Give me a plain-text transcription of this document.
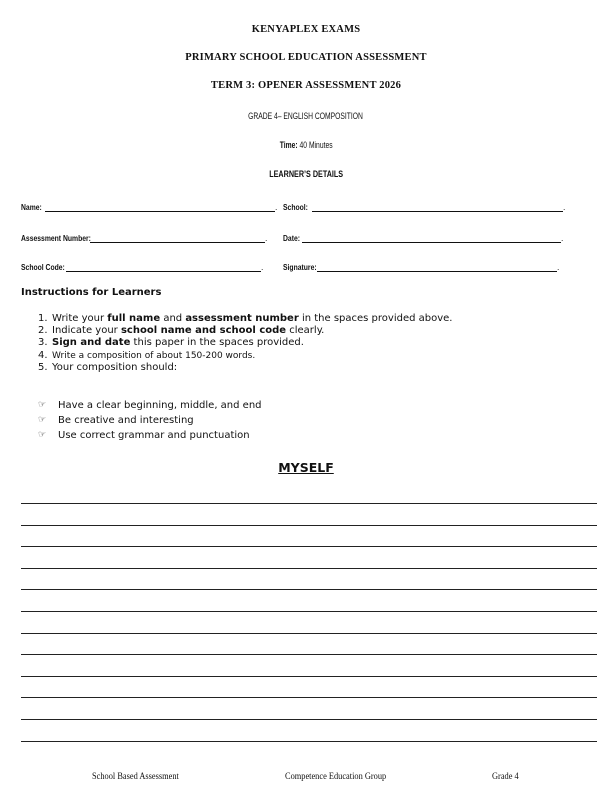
KENYAPLEX EXAMS
PRIMARY SCHOOL EDUCATION ASSESSMENT
TERM 3: OPENER ASSESSMENT 2026
GRADE 4– ENGLISH COMPOSITION
Time: 40 Minutes
LEARNER’S DETAILS
Name:	. School:	.
Assessment Number:	. Date:	.
School Code:	. Signature:	.
Instructions for Learners
1. Write your full name and assessment number in the spaces provided above.
2. Indicate your school name and school code clearly.
3. Sign and date this paper in the spaces provided.
4. Write a composition of about 150-200 words.
5. Your composition should:
☞ Have a clear beginning, middle, and end
☞ Be creative and interesting
☞ Use correct grammar and punctuation
MYSELF
School Based Assessment	Competence Education Group	Grade 4
